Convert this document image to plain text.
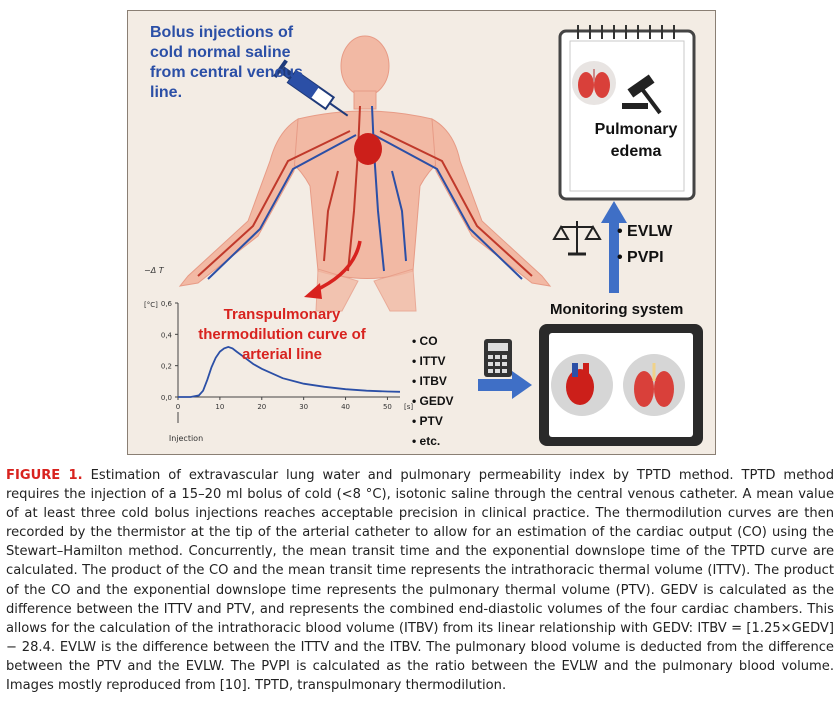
0,0
0,2
0,4
0,6
0	10	20	30	40	50
−Δ T
[°C]
[s]
Injection
Bolus injections of cold normal saline from central venous line.
Transpulmonary thermodilution curve of arterial line
Monitoring system
Pulmonary edema
• EVLW
• PVPI
• CO
• ITTV
• ITBV
• GEDV
• PTV
• etc.

FIGURE 1. Estimation of extravascular lung water and pulmonary permeability index by TPTD method. TPTD method requires the injection of a 15–20 ml bolus of cold (<8 °C), isotonic saline through the central venous catheter. A mean value of at least three cold bolus injections reaches acceptable precision in clinical practice. The thermodilution curves are then recorded by the thermistor at the tip of the arterial catheter to allow for an estimation of the cardiac output (CO) using the Stewart–Hamilton method. Concurrently, the mean transit time and the exponential downslope time of the TPTD curve are calculated. The product of the CO and the mean transit time represents the intrathoracic thermal volume (ITTV). The product of the CO and the exponential downslope time represents the pulmonary thermal volume (PTV). GEDV is calculated as the difference between the ITTV and PTV, and represents the combined end-diastolic volumes of the four cardiac chambers. This allows for the calculation of the intrathoracic blood volume (ITBV) from its linear relationship with GEDV: ITBV = [1.25×GEDV]− 28.4. EVLW is the difference between the ITTV and the ITBV. The pulmonary blood volume is deducted from the difference between the PTV and the EVLW. The PVPI is calculated as the ratio between the EVLW and the pulmonary blood volume. Images mostly reproduced from [10]. TPTD, transpulmonary thermodilution.
